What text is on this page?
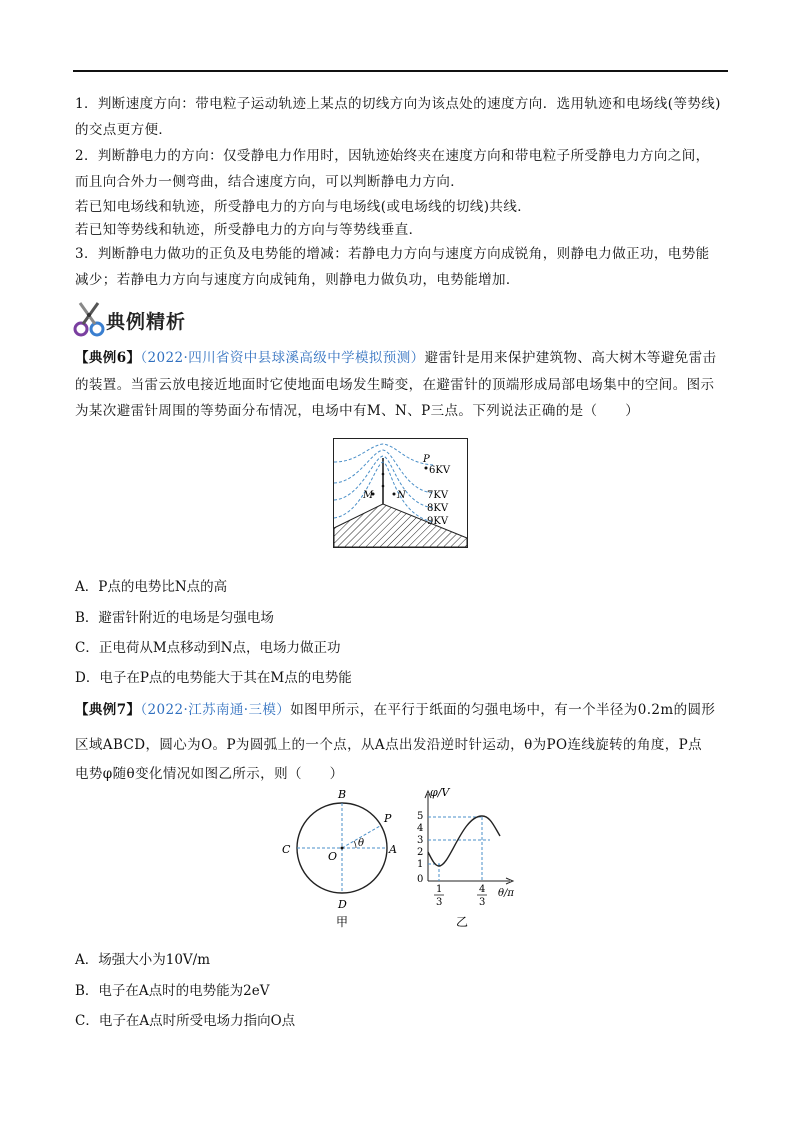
1．判断速度方向：带电粒子运动轨迹上某点的切线方向为该点处的速度方向．选用轨迹和电场线(等势线)
的交点更方便．
2．判断静电力的方向：仅受静电力作用时，因轨迹始终夹在速度方向和带电粒子所受静电力方向之间，
而且向合外力一侧弯曲，结合速度方向，可以判断静电力方向．
若已知电场线和轨迹，所受静电力的方向与电场线(或电场线的切线)共线．
若已知等势线和轨迹，所受静电力的方向与等势线垂直．
3．判断静电力做功的正负及电势能的增减：若静电力方向与速度方向成锐角，则静电力做正功，电势能
减少；若静电力方向与速度方向成钝角，则静电力做负功，电势能增加．
典例精析
【典例6】（2022·四川省资中县球溪高级中学模拟预测）避雷针是用来保护建筑物、高大树木等避免雷击
的装置。当雷云放电接近地面时它使地面电场发生畸变，在避雷针的顶端形成局部电场集中的空间。图示
为某次避雷针周围的等势面分布情况，电场中有M、N、P三点。下列说法正确的是（　　）
P
6KV
M N 7KV
8KV
9KV
A．P点的电势比N点的高
B．避雷针附近的电场是匀强电场
C．正电荷从M点移动到N点，电场力做正功
D．电子在P点的电势能大于其在M点的电势能
【典例7】（2022·江苏南通·三模）如图甲所示，在平行于纸面的匀强电场中，有一个半径为0.2m的圆形
区域ABCD，圆心为O。P为圆弧上的一个点，从A点出发沿逆时针运动，θ为PO连线旋转的角度，P点
电势φ随θ变化情况如图乙所示，则（　　）
B
P
C
O
θ A
D
甲
φ/V
5
4
3
2
1
0
1
3
4
3
θ/π
乙
A．场强大小为10V/m
B．电子在A点时的电势能为2eV
C．电子在A点时所受电场力指向O点
